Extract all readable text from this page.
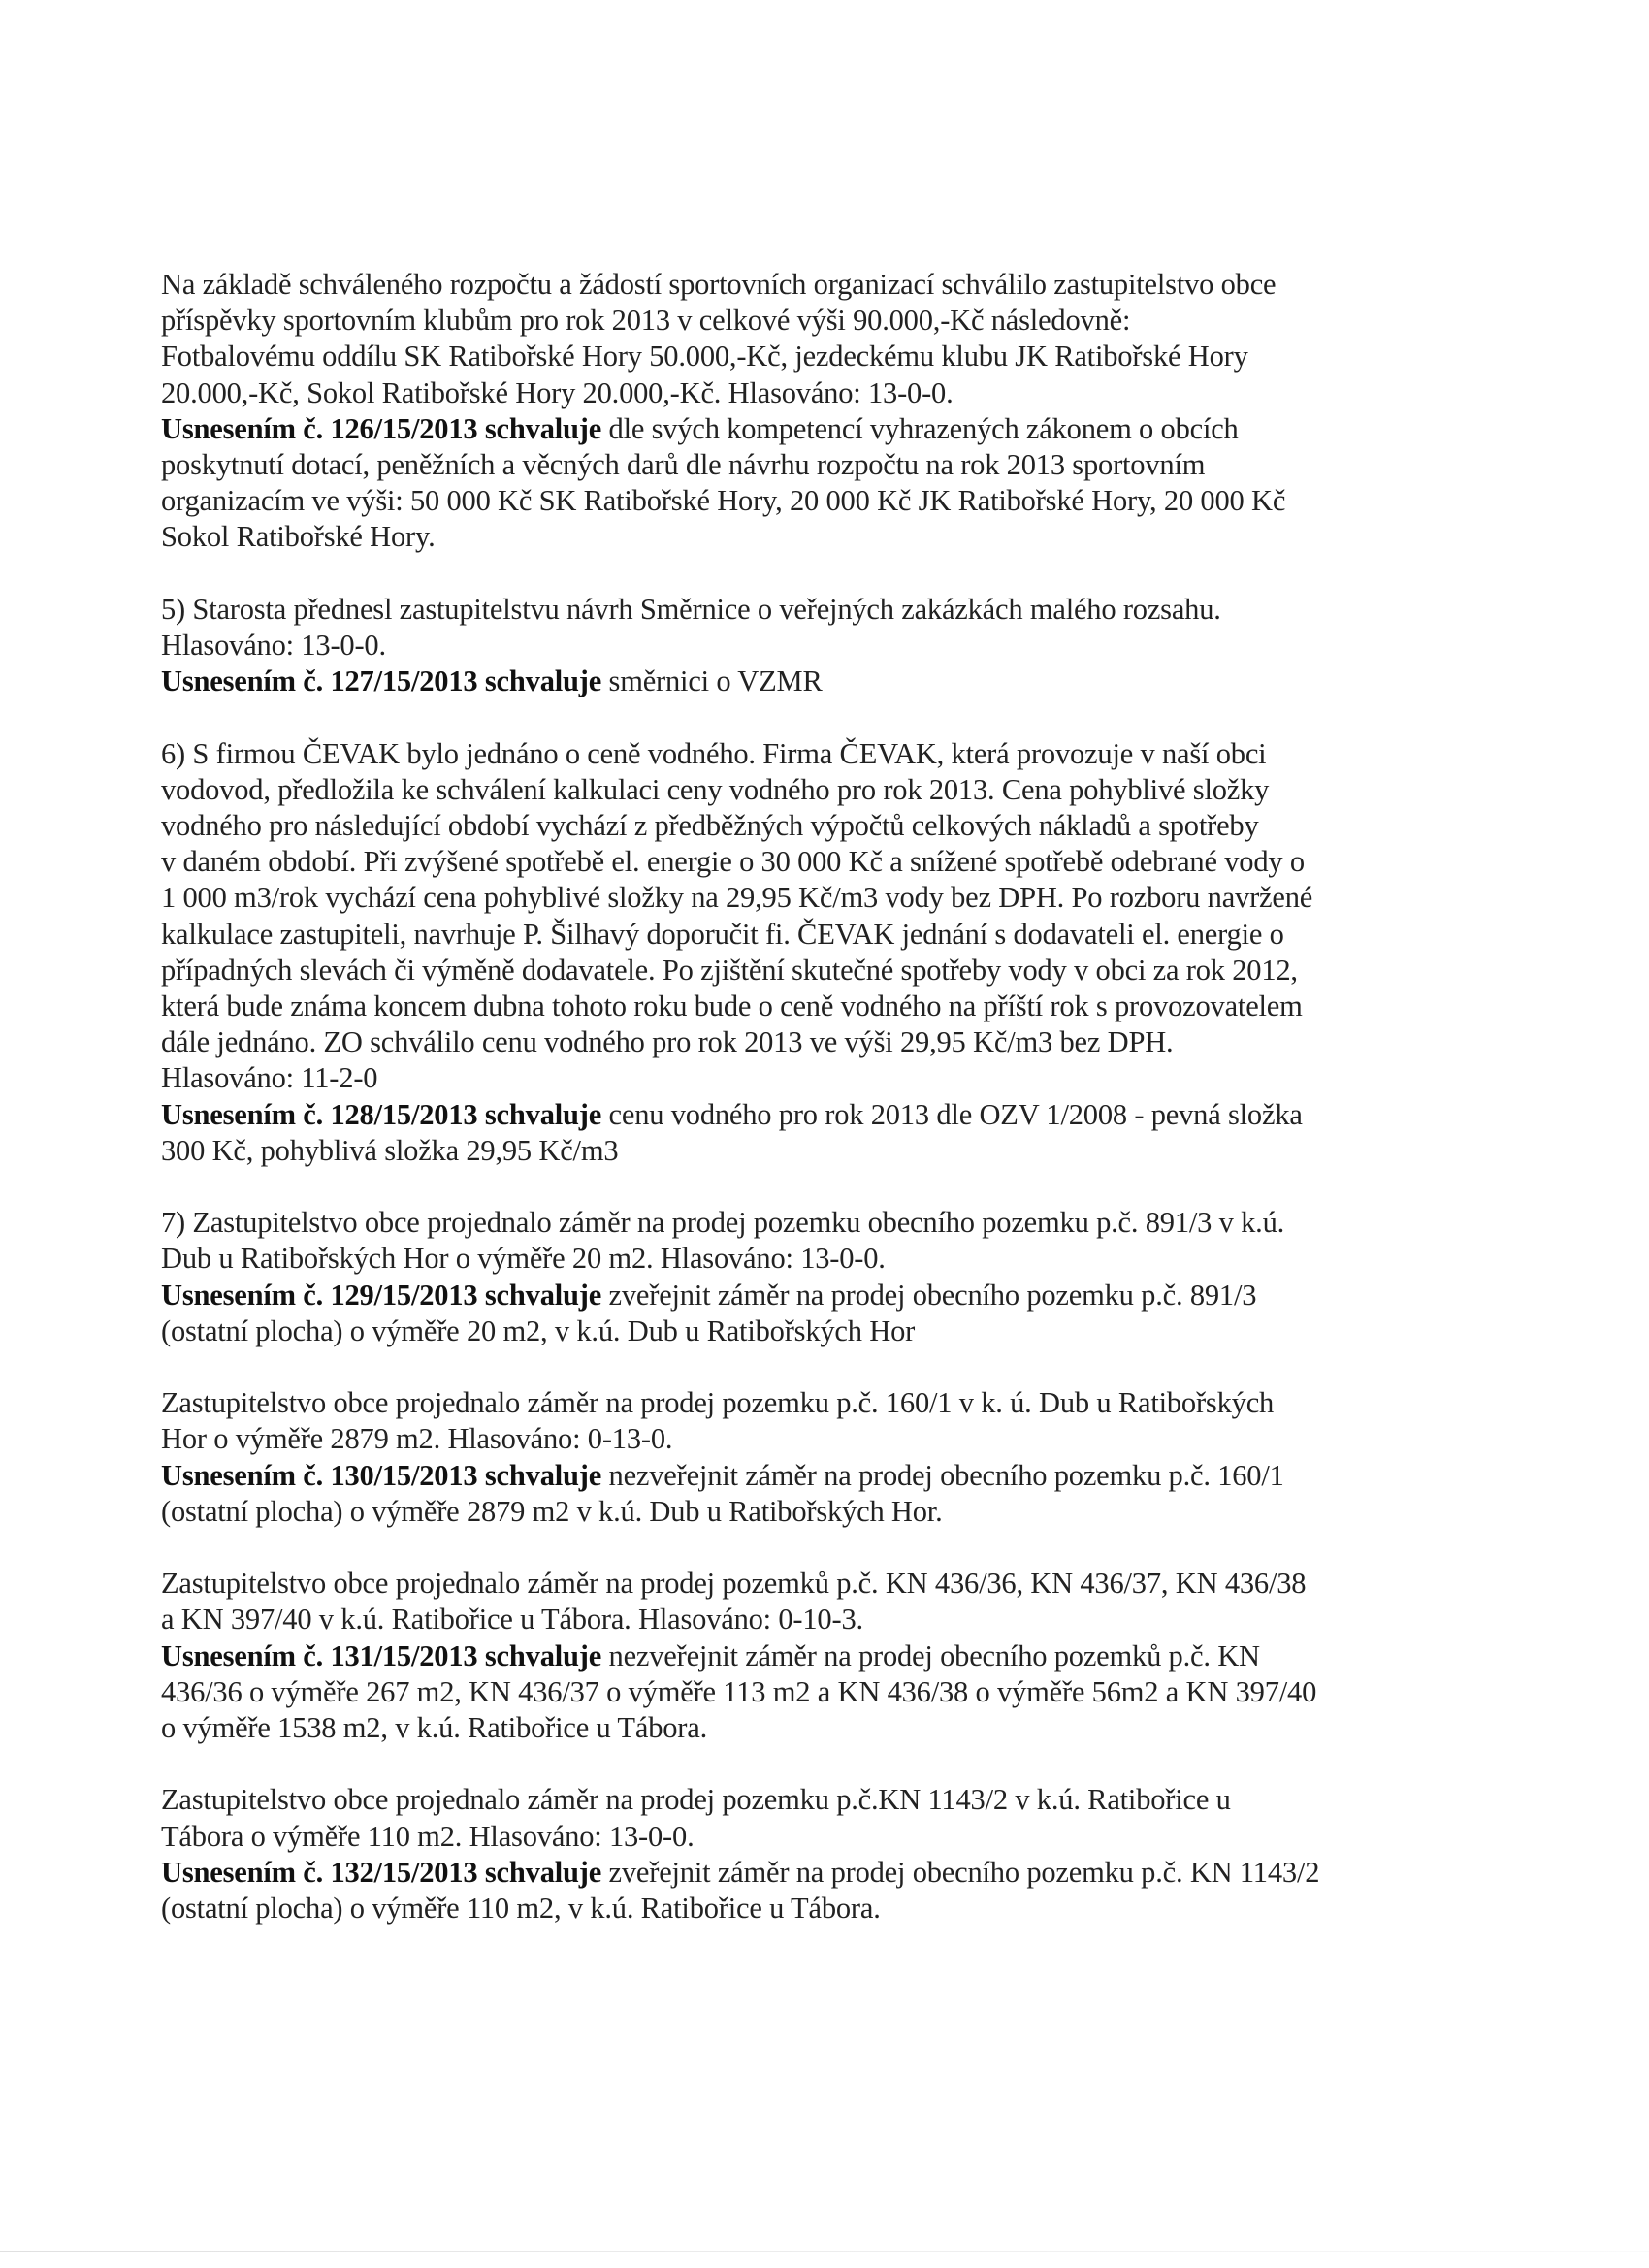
Na základě schváleného rozpočtu a žádostí sportovních organizací schválilo zastupitelstvo obce
příspěvky sportovním klubům pro rok 2013 v celkové výši 90.000,-Kč následovně:
Fotbalovému oddílu SK Ratibořské Hory 50.000,-Kč, jezdeckému klubu JK Ratibořské Hory
20.000,-Kč, Sokol Ratibořské Hory 20.000,-Kč. Hlasováno: 13-0-0.
Usnesením č. 126/15/2013 schvaluje dle svých kompetencí vyhrazených zákonem o obcích
poskytnutí dotací, peněžních a věcných darů dle návrhu rozpočtu na rok 2013 sportovním
organizacím ve výši: 50 000 Kč SK Ratibořské Hory, 20 000 Kč JK Ratibořské Hory, 20 000 Kč
Sokol Ratibořské Hory.
5) Starosta přednesl zastupitelstvu návrh Směrnice o veřejných zakázkách malého rozsahu.
Hlasováno: 13-0-0.
Usnesením č. 127/15/2013 schvaluje směrnici o VZMR
6) S firmou ČEVAK bylo jednáno o ceně vodného. Firma ČEVAK, která provozuje v naší obci
vodovod, předložila ke schválení kalkulaci ceny vodného pro rok 2013. Cena pohyblivé složky
vodného pro následující období vychází z předběžných výpočtů celkových nákladů a spotřeby
v daném období. Při zvýšené spotřebě el. energie o 30 000 Kč a snížené spotřebě odebrané vody o
1 000 m3/rok vychází cena pohyblivé složky na 29,95 Kč/m3 vody bez DPH. Po rozboru navržené
kalkulace zastupiteli, navrhuje P. Šilhavý doporučit fi. ČEVAK jednání s dodavateli el. energie o
případných slevách či výměně dodavatele. Po zjištění skutečné spotřeby vody v obci za rok 2012,
která bude známa koncem dubna tohoto roku bude o ceně vodného na příští rok s provozovatelem
dále jednáno. ZO schválilo cenu vodného pro rok 2013 ve výši 29,95 Kč/m3 bez DPH.
Hlasováno: 11-2-0
Usnesením č. 128/15/2013 schvaluje cenu vodného pro rok 2013 dle OZV 1/2008 - pevná složka
300 Kč, pohyblivá složka 29,95 Kč/m3
7) Zastupitelstvo obce projednalo záměr na prodej pozemku obecního pozemku p.č. 891/3 v k.ú.
Dub u Ratibořských Hor o výměře 20 m2. Hlasováno: 13-0-0.
Usnesením č. 129/15/2013 schvaluje zveřejnit záměr na prodej obecního pozemku p.č. 891/3
(ostatní plocha) o výměře 20 m2, v k.ú. Dub u Ratibořských Hor
Zastupitelstvo obce projednalo záměr na prodej pozemku p.č. 160/1 v k. ú. Dub u Ratibořských
Hor o výměře 2879 m2. Hlasováno: 0-13-0.
Usnesením č. 130/15/2013 schvaluje nezveřejnit záměr na prodej obecního pozemku p.č. 160/1
(ostatní plocha) o výměře 2879 m2 v k.ú. Dub u Ratibořských Hor.
Zastupitelstvo obce projednalo záměr na prodej pozemků p.č. KN 436/36, KN 436/37, KN 436/38
a KN 397/40 v k.ú. Ratibořice u Tábora. Hlasováno: 0-10-3.
Usnesením č. 131/15/2013 schvaluje nezveřejnit záměr na prodej obecního pozemků p.č. KN
436/36 o výměře 267 m2, KN 436/37 o výměře 113 m2 a KN 436/38 o výměře 56m2 a KN 397/40
o výměře 1538 m2, v k.ú. Ratibořice u Tábora.
Zastupitelstvo obce projednalo záměr na prodej pozemku p.č.KN 1143/2 v k.ú. Ratibořice u
Tábora o výměře 110 m2. Hlasováno: 13-0-0.
Usnesením č. 132/15/2013 schvaluje zveřejnit záměr na prodej obecního pozemku p.č. KN 1143/2
(ostatní plocha) o výměře 110 m2, v k.ú. Ratibořice u Tábora.
